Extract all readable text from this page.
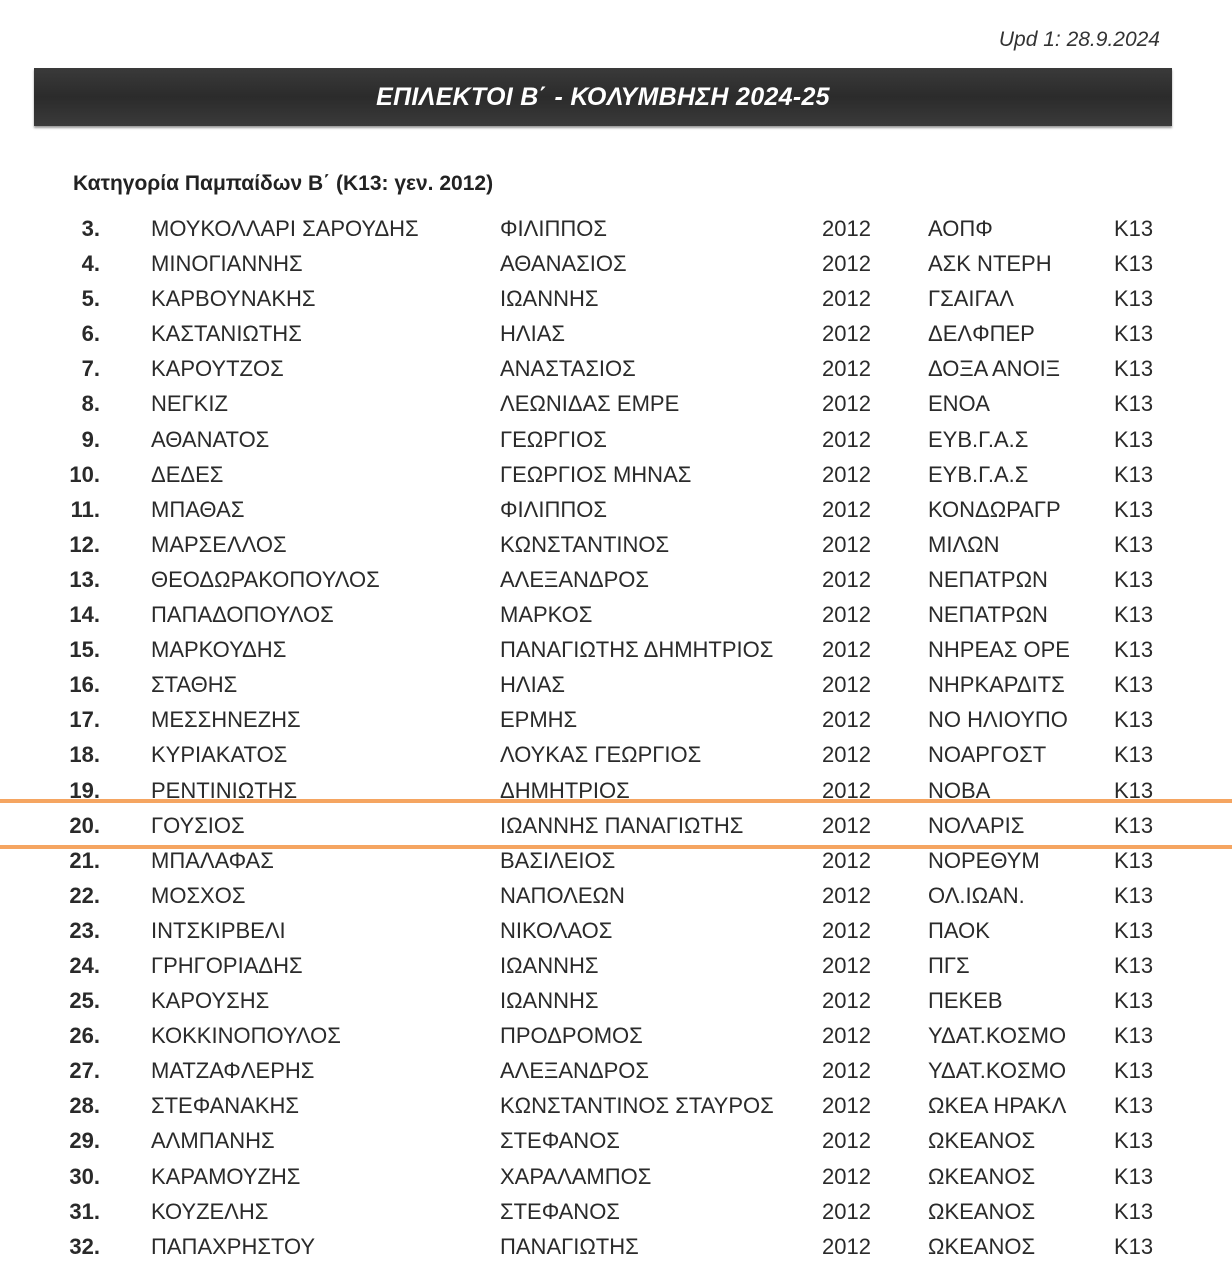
Upd 1: 28.9.2024
ΕΠΙΛΕΚΤΟΙ Β΄ - ΚΟΛΥΜΒΗΣΗ 2024-25
Κατηγορία Παμπαίδων Β΄ (Κ13: γεν. 2012)
3. ΜΟΥΚΟΛΛΑΡΙ ΣΑΡΟΥΔΗΣ	ΦΙΛΙΠΠΟΣ	2012	ΑΟΠΦ	Κ13
4. ΜΙΝΟΓΙΑΝΝΗΣ	ΑΘΑΝΑΣΙΟΣ	2012	ΑΣΚ ΝΤΕΡΗ	Κ13
5. ΚΑΡΒΟΥΝΑΚΗΣ	ΙΩΑΝΝΗΣ	2012	ΓΣΑΙΓΑΛ	Κ13
6. ΚΑΣΤΑΝΙΩΤΗΣ	ΗΛΙΑΣ	2012	ΔΕΛΦΠΕΡ	Κ13
7. ΚΑΡΟΥΤΖΟΣ	ΑΝΑΣΤΑΣΙΟΣ	2012	ΔΟΞΑ ΑΝΟΙΞ Κ13
8. ΝΕΓΚΙΖ	ΛΕΩΝΙΔΑΣ ΕΜΡΕ	2012	ΕΝΟΑ	Κ13
9. ΑΘΑΝΑΤΟΣ	ΓΕΩΡΓΙΟΣ	2012	ΕΥΒ.Γ.Α.Σ	Κ13
10. ΔΕΔΕΣ	ΓΕΩΡΓΙΟΣ ΜΗΝΑΣ	2012	ΕΥΒ.Γ.Α.Σ	Κ13
11. ΜΠΑΘΑΣ	ΦΙΛΙΠΠΟΣ	2012	ΚΟΝΔΩΡΑΓΡ Κ13
12. ΜΑΡΣΕΛΛΟΣ	ΚΩΝΣΤΑΝΤΙΝΟΣ	2012	ΜΙΛΩΝ	Κ13
13. ΘΕΟΔΩΡΑΚΟΠΟΥΛΟΣ	ΑΛΕΞΑΝΔΡΟΣ	2012	ΝΕΠΑΤΡΩΝ	Κ13
14. ΠΑΠΑΔΟΠΟΥΛΟΣ	ΜΑΡΚΟΣ	2012	ΝΕΠΑΤΡΩΝ	Κ13
15. ΜΑΡΚΟΥΔΗΣ	ΠΑΝΑΓΙΩΤΗΣ ΔΗΜΗΤΡΙΟΣ 2012	ΝΗΡΕΑΣ ΟΡΕ Κ13
16. ΣΤΑΘΗΣ	ΗΛΙΑΣ	2012	ΝΗΡΚΑΡΔΙΤΣ Κ13
17. ΜΕΣΣΗΝΕΖΗΣ	ΕΡΜΗΣ	2012	ΝΟ ΗΛΙΟΥΠΟ Κ13
18. ΚΥΡΙΑΚΑΤΟΣ	ΛΟΥΚΑΣ ΓΕΩΡΓΙΟΣ	2012	ΝΟΑΡΓΟΣΤ	Κ13
19. ΡΕΝΤΙΝΙΩΤΗΣ	ΔΗΜΗΤΡΙΟΣ	2012	ΝΟΒΑ	Κ13
20. ΓΟΥΣΙΟΣ	ΙΩΑΝΝΗΣ ΠΑΝΑΓΙΩΤΗΣ	2012	ΝΟΛΑΡΙΣ	Κ13
21. ΜΠΑΛΑΦΑΣ	ΒΑΣΙΛΕΙΟΣ	2012	ΝΟΡΕΘΥΜ	Κ13
22. ΜΟΣΧΟΣ	ΝΑΠΟΛΕΩΝ	2012	ΟΛ.ΙΩΑΝ.	Κ13
23. ΙΝΤΣΚΙΡΒΕΛΙ	ΝΙΚΟΛΑΟΣ	2012	ΠΑΟΚ	Κ13
24. ΓΡΗΓΟΡΙΑΔΗΣ	ΙΩΑΝΝΗΣ	2012	ΠΓΣ	Κ13
25. ΚΑΡΟΥΣΗΣ	ΙΩΑΝΝΗΣ	2012	ΠΕΚΕΒ	Κ13
26. ΚΟΚΚΙΝΟΠΟΥΛΟΣ	ΠΡΟΔΡΟΜΟΣ	2012	ΥΔΑΤ.ΚΟΣΜΟ Κ13
27. ΜΑΤΖΑΦΛΕΡΗΣ	ΑΛΕΞΑΝΔΡΟΣ	2012	ΥΔΑΤ.ΚΟΣΜΟ Κ13
28. ΣΤΕΦΑΝΑΚΗΣ	ΚΩΝΣΤΑΝΤΙΝΟΣ ΣΤΑΥΡΟΣ 2012	ΩΚΕΑ ΗΡΑΚΛ Κ13
29. ΑΛΜΠΑΝΗΣ	ΣΤΕΦΑΝΟΣ	2012	ΩΚΕΑΝΟΣ	Κ13
30. ΚΑΡΑΜΟΥΖΗΣ	ΧΑΡΑΛΑΜΠΟΣ	2012	ΩΚΕΑΝΟΣ	Κ13
31. ΚΟΥΖΕΛΗΣ	ΣΤΕΦΑΝΟΣ	2012	ΩΚΕΑΝΟΣ	Κ13
32. ΠΑΠΑΧΡΗΣΤΟΥ	ΠΑΝΑΓΙΩΤΗΣ	2012	ΩΚΕΑΝΟΣ	Κ13
